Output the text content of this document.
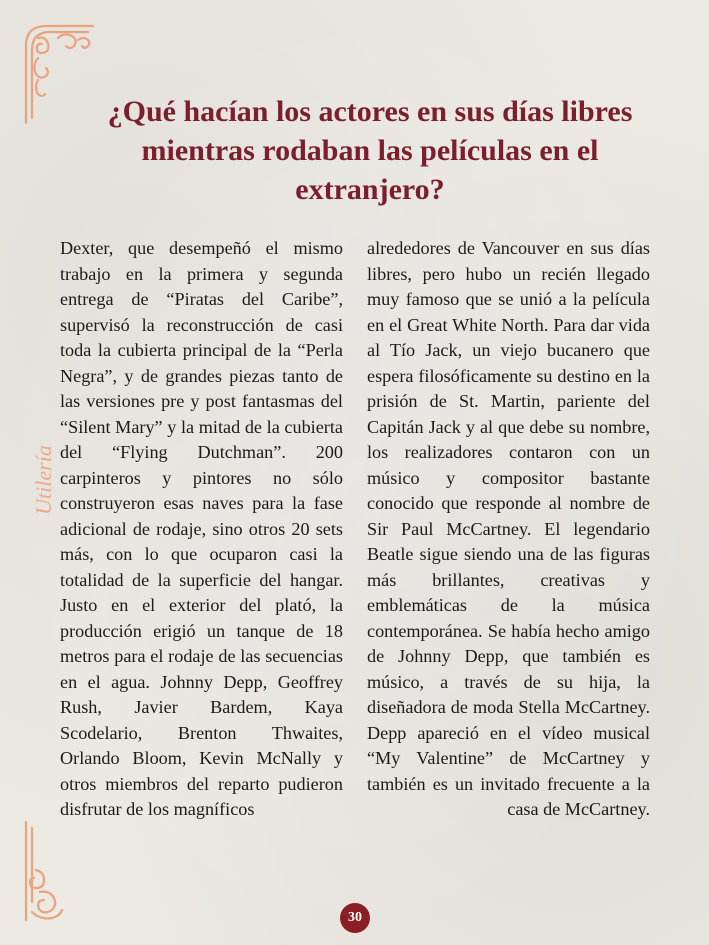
Utilería
¿Qué hacían los actores en sus días libres mientras rodaban las películas en el extranjero?

Dexter, que desempeñó el mismo trabajo en la primera y segunda entrega de “Piratas del Caribe”, supervisó la reconstrucción de casi toda la cubierta principal de la “Perla Negra”, y de grandes piezas tanto de las versiones pre y post fantasmas del “Silent Mary” y la mitad de la cubierta del “Flying Dutchman”. 200 carpinteros y pintores no sólo construyeron esas naves para la fase adicional de rodaje, sino otros 20 sets más, con lo que ocuparon casi la totalidad de la superficie del hangar. Justo en el exterior del plató, la producción erigió un tanque de 18 metros para el rodaje de las secuencias en el agua. Johnny Depp, Geoffrey Rush, Javier Bardem, Kaya Scodelario, Brenton Thwaites, Orlando Bloom, Kevin McNally y otros miembros del reparto pudieron disfrutar de los magníficos

alrededores de Vancouver en sus días libres, pero hubo un recién llegado muy famoso que se unió a la película en el Great White North. Para dar vida al Tío Jack, un viejo bucanero que espera filosóficamente su destino en la prisión de St. Martin, pariente del Capitán Jack y al que debe su nombre, los realizadores contaron con un músico y compositor bastante conocido que responde al nombre de Sir Paul McCartney. El legendario Beatle sigue siendo una de las figuras más brillantes, creativas y emblemáticas de la música contemporánea. Se había hecho amigo de Johnny Depp, que también es músico, a través de su hija, la diseñadora de moda Stella McCartney. Depp apareció en el vídeo musical “My Valentine” de McCartney y también es un invitado frecuente a la casa de McCartney.

30
